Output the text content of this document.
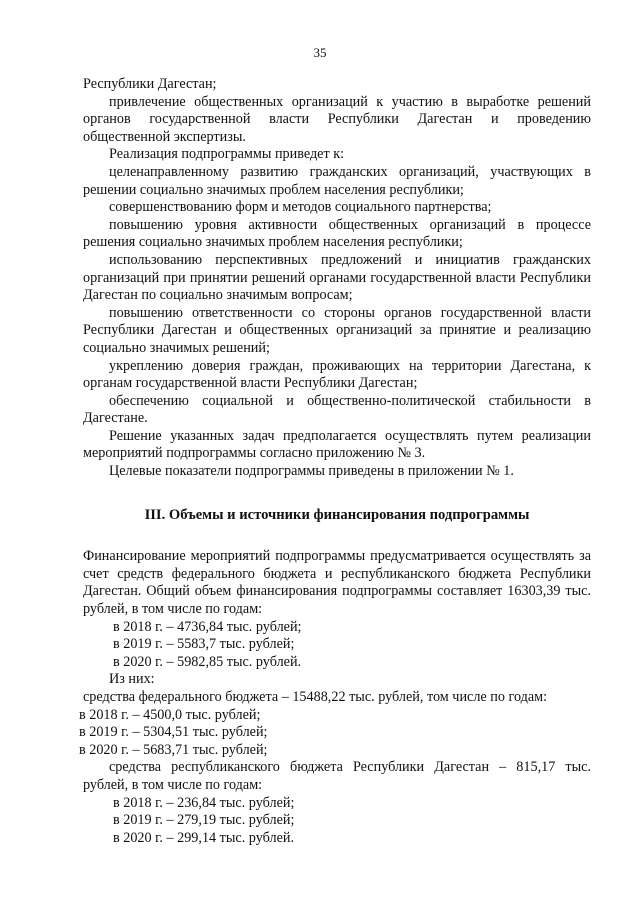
35

Республики Дагестан;

привлечение общественных организаций к участию в выработке решений органов государственной власти Республики Дагестан и проведению общественной экспертизы.

Реализация подпрограммы приведет к:

целенаправленному развитию гражданских организаций, участвующих в решении социально значимых проблем населения республики;

совершенствованию форм и методов социального партнерства;

повышению уровня активности общественных организаций в процессе решения социально значимых проблем населения республики;

использованию перспективных предложений и инициатив гражданских организаций при принятии решений органами государственной власти Республики Дагестан по социально значимым вопросам;

повышению ответственности со стороны органов государственной власти Республики Дагестан и общественных организаций за принятие и реализацию социально значимых решений;

укреплению доверия граждан, проживающих на территории Дагестана, к органам государственной власти Республики Дагестан;

обеспечению социальной и общественно-политической стабильности в Дагестане.

Решение указанных задач предполагается осуществлять путем реализации мероприятий подпрограммы согласно приложению № 3.

Целевые показатели подпрограммы приведены в приложении № 1.

III. Объемы и источники финансирования подпрограммы

Финансирование мероприятий подпрограммы предусматривается осуществлять за счет средств федерального бюджета и республиканского бюджета Республики Дагестан. Общий объем финансирования подпрограммы составляет 16303,39 тыс. рублей, в том числе по годам:

в 2018 г. – 4736,84 тыс. рублей;

в 2019 г. – 5583,7 тыс. рублей;

в 2020 г. – 5982,85 тыс. рублей.

Из них:

средства федерального бюджета – 15488,22 тыс. рублей, том числе по годам:

в 2018 г. – 4500,0 тыс. рублей;

в 2019 г. – 5304,51 тыс. рублей;

в 2020 г. – 5683,71 тыс. рублей;

средства республиканского бюджета Республики Дагестан – 815,17 тыс. рублей, в том числе по годам:

в 2018 г. – 236,84 тыс. рублей;

в 2019 г. – 279,19 тыс. рублей;

в 2020 г. – 299,14 тыс. рублей.
